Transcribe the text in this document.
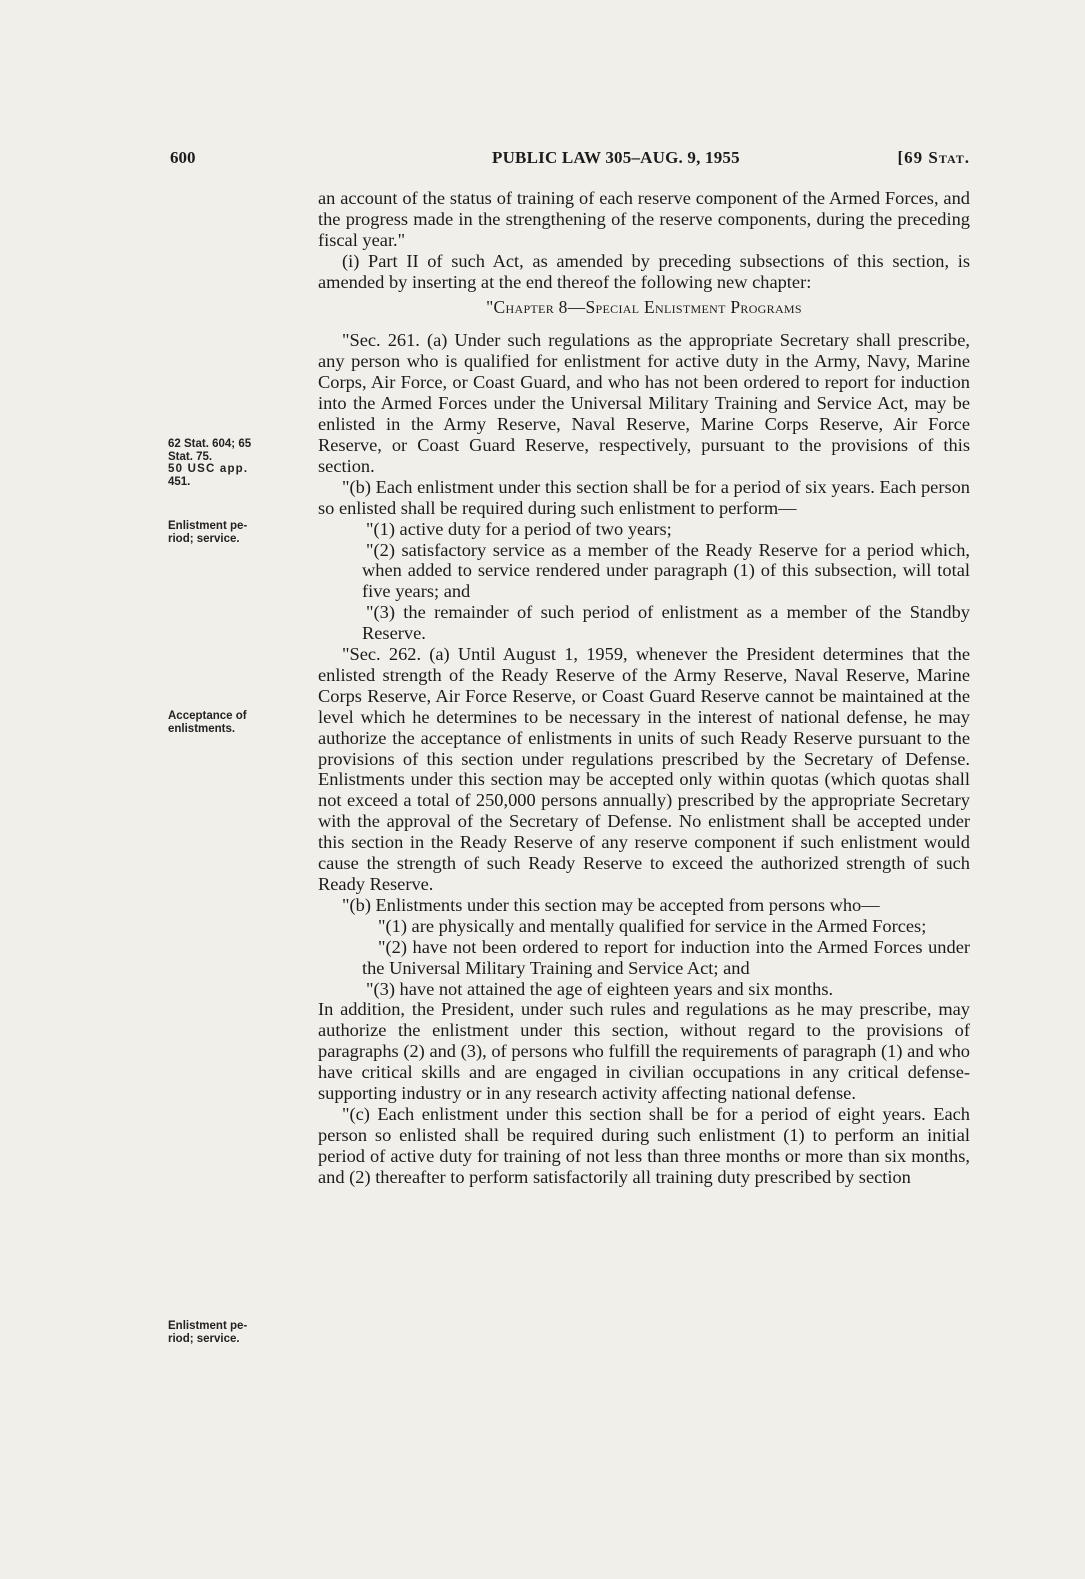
600	PUBLIC LAW 305–AUG. 9, 1955	[69 Stat.
62 Stat. 604; 65
Stat. 75.
50 USC app.
451.
Enlistment pe-
riod; service.
Acceptance of
enlistments.
Enlistment pe-
riod; service.

an account of the status of training of each reserve component of the Armed Forces, and the progress made in the strengthening of the reserve components, during the preceding fiscal year."

(i) Part II of such Act, as amended by preceding subsections of this section, is amended by inserting at the end thereof the following new chapter:

"Chapter 8—Special Enlistment Programs

"Sec. 261. (a) Under such regulations as the appropriate Secretary shall prescribe, any person who is qualified for enlistment for active duty in the Army, Navy, Marine Corps, Air Force, or Coast Guard, and who has not been ordered to report for induction into the Armed Forces under the Universal Military Training and Service Act, may be enlisted in the Army Reserve, Naval Reserve, Marine Corps Reserve, Air Force Reserve, or Coast Guard Reserve, respectively, pursuant to the provisions of this section.

"(b) Each enlistment under this section shall be for a period of six years. Each person so enlisted shall be required during such enlistment to perform—

"(1) active duty for a period of two years;

"(2) satisfactory service as a member of the Ready Reserve for a period which, when added to service rendered under paragraph (1) of this subsection, will total five years; and

"(3) the remainder of such period of enlistment as a member of the Standby Reserve.

"Sec. 262. (a) Until August 1, 1959, whenever the President determines that the enlisted strength of the Ready Reserve of the Army Reserve, Naval Reserve, Marine Corps Reserve, Air Force Reserve, or Coast Guard Reserve cannot be maintained at the level which he determines to be necessary in the interest of national defense, he may authorize the acceptance of enlistments in units of such Ready Reserve pursuant to the provisions of this section under regulations prescribed by the Secretary of Defense. Enlistments under this section may be accepted only within quotas (which quotas shall not exceed a total of 250,000 persons annually) prescribed by the appropriate Secretary with the approval of the Secretary of Defense. No enlistment shall be accepted under this section in the Ready Reserve of any reserve component if such enlistment would cause the strength of such Ready Reserve to exceed the authorized strength of such Ready Reserve.

"(b) Enlistments under this section may be accepted from persons who—

"(1) are physically and mentally qualified for service in the Armed Forces;

"(2) have not been ordered to report for induction into the Armed Forces under the Universal Military Training and Service Act; and

"(3) have not attained the age of eighteen years and six months.

In addition, the President, under such rules and regulations as he may prescribe, may authorize the enlistment under this section, without regard to the provisions of paragraphs (2) and (3), of persons who fulfill the requirements of paragraph (1) and who have critical skills and are engaged in civilian occupations in any critical defense-supporting industry or in any research activity affecting national defense.

"(c) Each enlistment under this section shall be for a period of eight years. Each person so enlisted shall be required during such enlistment (1) to perform an initial period of active duty for training of not less than three months or more than six months, and (2) thereafter to perform satisfactorily all training duty prescribed by section
